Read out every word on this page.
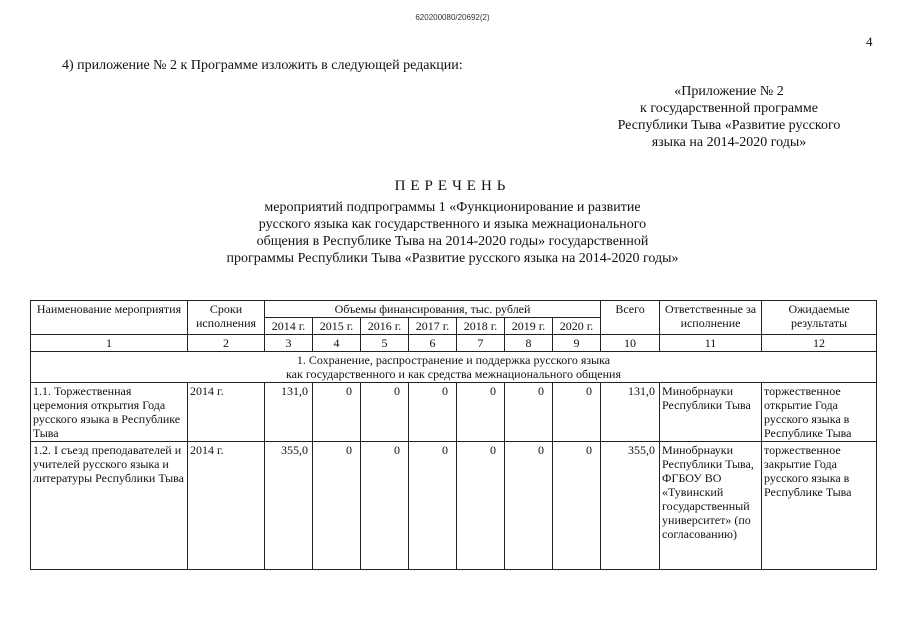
620200080/20692(2)
4
4) приложение № 2 к Программе изложить в следующей редакции:
«Приложение № 2
к государственной программе
Республики Тыва «Развитие русского
языка на 2014-2020 годы»
ПЕРЕЧЕНЬ
мероприятий подпрограммы 1 «Функционирование и развитие
русского языка как государственного и языка межнационального
общения в Республике Тыва на 2014-2020 годы» государственной
программы Республики Тыва «Развитие русского языка на 2014-2020 годы»
Наименование мероприятия	Сроки исполнения	Объемы финансирования, тыс. рублей							Всего	Ответственные за исполнение	Ожидаемые результаты
		2014 г.	2015 г.	2016 г.	2017 г.	2018 г.	2019 г.	2020 г.			
1	2	3	4	5	6	7	8	9	10	11	12

1. Сохранение, распространение и поддержка русского языка
как государственного и как средства межнационального общения											

1.1. Торжественная церемония открытия Года русского языка в Республике Тыва	2014 г.	131,0	0	0	0	0	0	0	131,0	Минобрнауки Республики Тыва	торжественное открытие Года русского языка в Республике Тыва
1.2. I съезд преподавателей и учителей русского языка и литературы Республики Тыва	2014 г.	355,0	0	0	0	0	0	0	355,0	Минобрнауки Республики Тыва, ФГБОУ ВО «Тувинский государственный университет» (по согласованию)	торжественное закрытие Года русского языка в Республике Тыва
